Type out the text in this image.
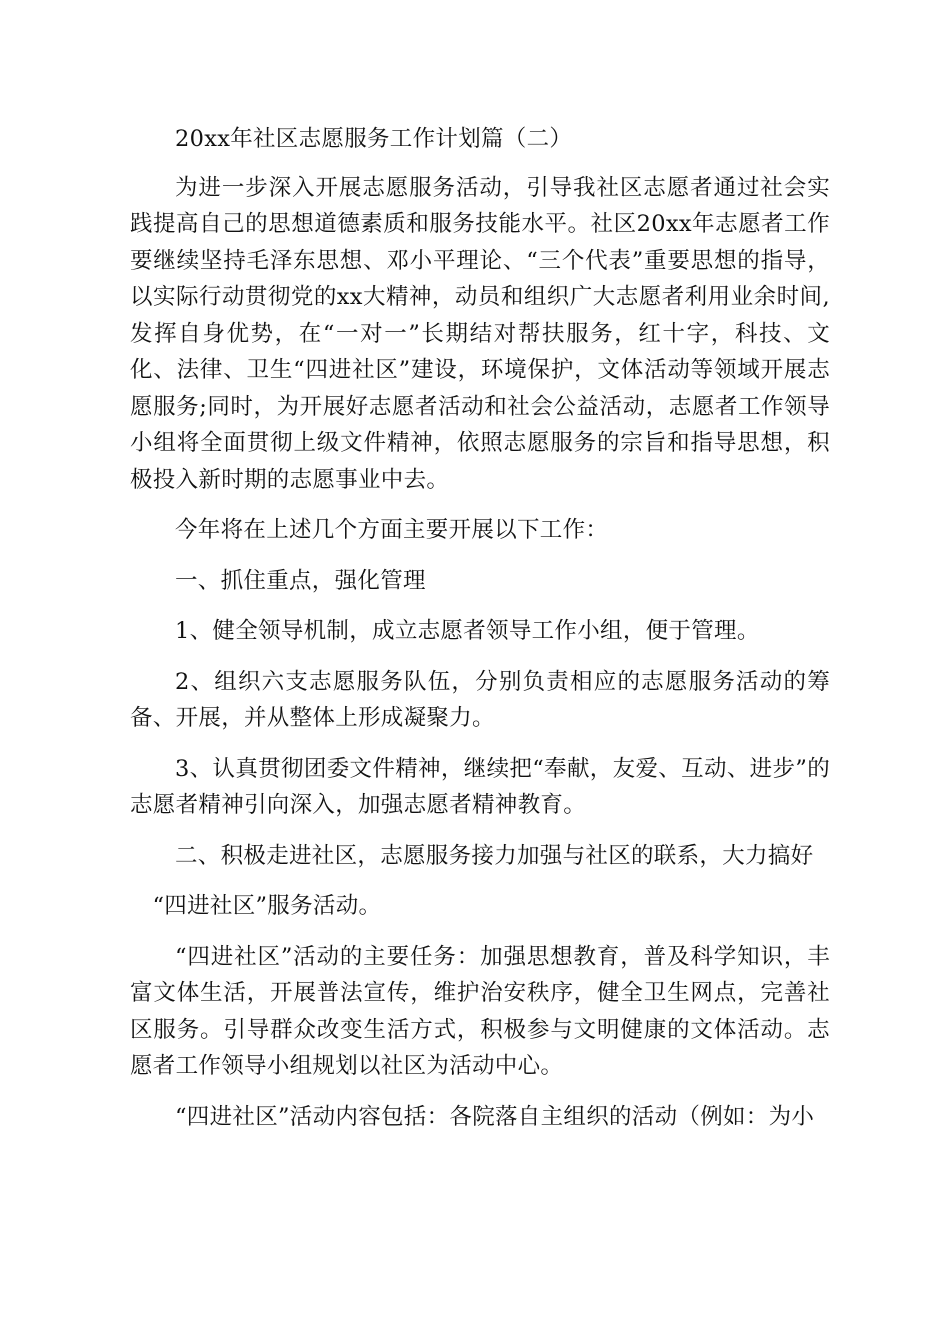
20xx年社区志愿服务工作计划篇（二）

为进一步深入开展志愿服务活动，引导我社区志愿者通过社会实践提高自己的思想道德素质和服务技能水平。社区20xx年志愿者工作要继续坚持毛泽东思想、邓小平理论、“三个代表”重要思想的指导，以实际行动贯彻党的xx大精神，动员和组织广大志愿者利用业余时间,发挥自身优势，在“一对一”长期结对帮扶服务，红十字，科技、文化、法律、卫生“四进社区”建设，环境保护，文体活动等领域开展志愿服务;同时，为开展好志愿者活动和社会公益活动，志愿者工作领导小组将全面贯彻上级文件精神，依照志愿服务的宗旨和指导思想，积极投入新时期的志愿事业中去。

今年将在上述几个方面主要开展以下工作：

一、抓住重点，强化管理

1、健全领导机制，成立志愿者领导工作小组，便于管理。

2、组织六支志愿服务队伍，分别负责相应的志愿服务活动的筹备、开展，并从整体上形成凝聚力。

3、认真贯彻团委文件精神，继续把“奉献，友爱、互动、进步”的志愿者精神引向深入，加强志愿者精神教育。

二、积极走进社区，志愿服务接力加强与社区的联系，大力搞好

“四进社区”服务活动。

“四进社区”活动的主要任务：加强思想教育，普及科学知识，丰富文体生活，开展普法宣传，维护治安秩序，健全卫生网点，完善社区服务。引导群众改变生活方式，积极参与文明健康的文体活动。志愿者工作领导小组规划以社区为活动中心。

“四进社区”活动内容包括：各院落自主组织的活动（例如：为小
